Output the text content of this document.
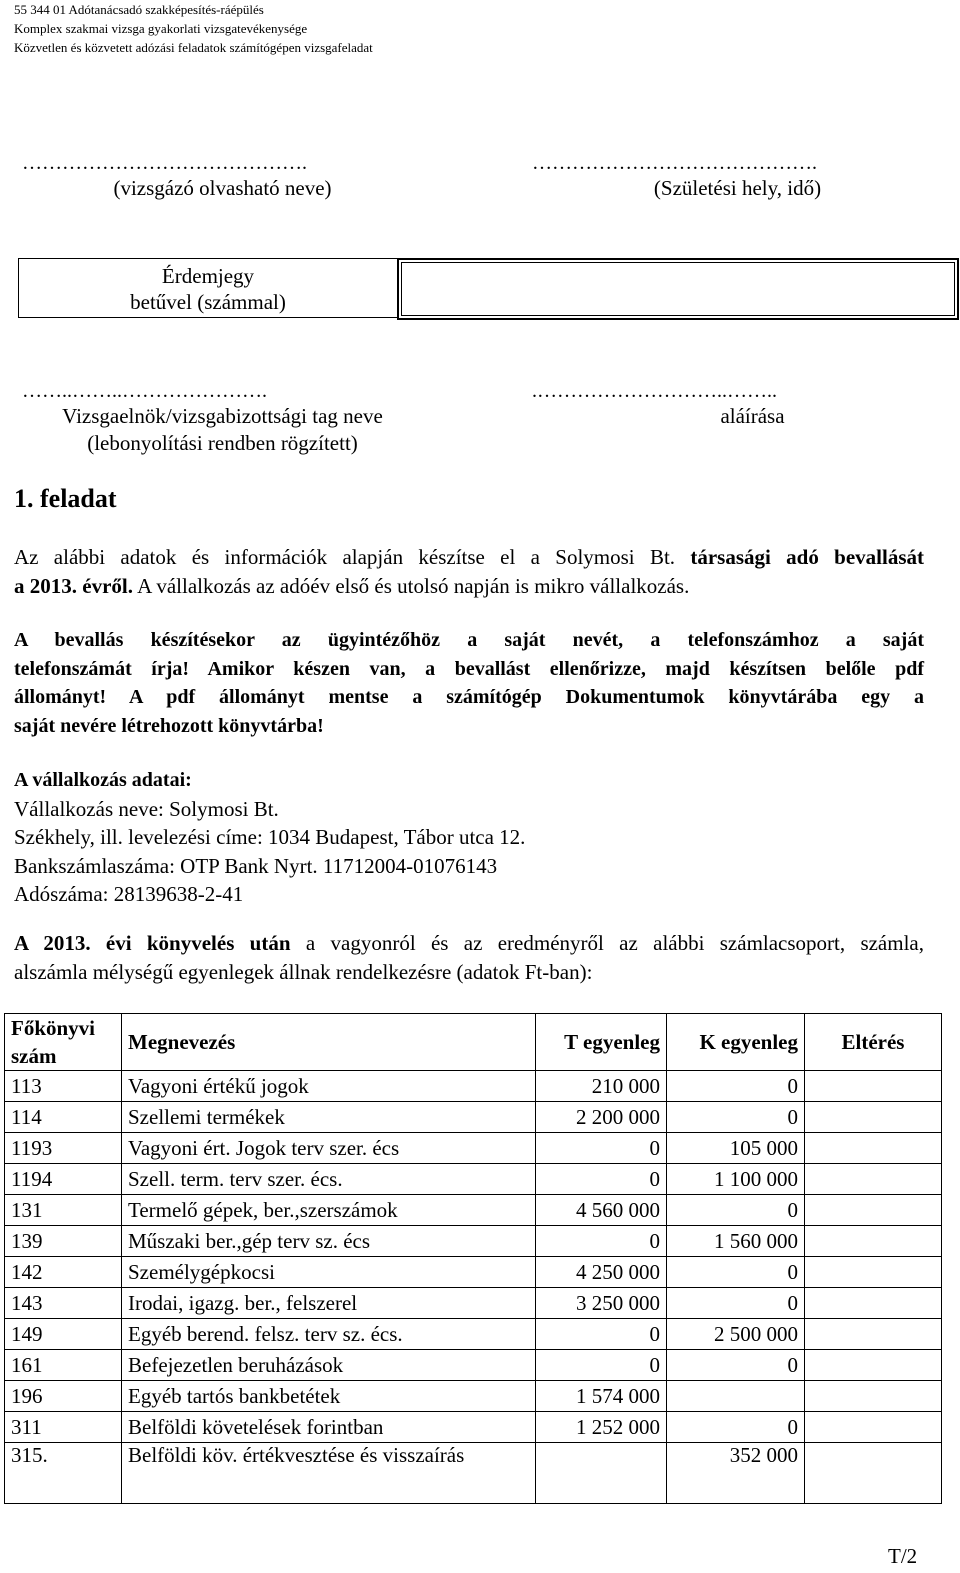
55 344 01 Adótanácsadó szakképesítés-ráépülés
Komplex szakmai vizsga gyakorlati vizsgatevékenysége
Közvetlen és közvetett adózási feladatok számítógépen vizsgafeladat
…………………………………….	…………………………………….
(vizsgázó olvasható neve)	(Születési hely, idő)
Érdemjegy
betűvel (számmal)
……..……..………………….	.………………………..……..
Vizsgaelnök/vizsgabizottsági tag neve
(lebonyolítási rendben rögzített)
aláírása
1. feladat
Az alábbi adatok és információk alapján készítse el a Solymosi Bt. társasági adó bevallását
a 2013. évről. A vállalkozás az adóév első és utolsó napján is mikro vállalkozás.
A bevallás készítésekor az ügyintézőhöz a saját nevét, a telefonszámhoz a saját
telefonszámát írja! Amikor készen van, a bevallást ellenőrizze, majd készítsen belőle pdf
állományt! A pdf állományt mentse a számítógép Dokumentumok könyvtárába egy a
saját nevére létrehozott könyvtárba!
A vállalkozás adatai:
Vállalkozás neve: Solymosi Bt.
Székhely, ill. levelezési címe: 1034 Budapest, Tábor utca 12.
Bankszámlaszáma: OTP Bank Nyrt. 11712004-01076143
Adószáma: 28139638-2-41
A 2013. évi könyvelés után a vagyonról és az eredményről az alábbi számlacsoport, számla,
alszámla mélységű egyenlegek állnak rendelkezésre (adatok Ft-ban):
Főkönyvi szám	Megnevezés	T egyenleg	K egyenleg	Eltérés
113	Vagyoni értékű jogok	210 000	0	
114	Szellemi termékek	2 200 000	0	
1193	Vagyoni ért. Jogok terv szer. écs	0	105 000	
1194	Szell. term. terv szer. écs.	0	1 100 000	
131	Termelő gépek, ber.,szerszámok	4 560 000	0	
139	Műszaki ber.,gép terv sz. écs	0	1 560 000	
142	Személygépkocsi	4 250 000	0	
143	Irodai, igazg. ber., felszerel	3 250 000	0	
149	Egyéb berend. felsz. terv sz. écs.	0	2 500 000	
161	Befejezetlen beruházások	0	0	
196	Egyéb tartós bankbetétek	1 574 000		
311	Belföldi követelések forintban	1 252 000	0	
315.	Belföldi köv. értékvesztése és visszaírás		352 000	
T/2
